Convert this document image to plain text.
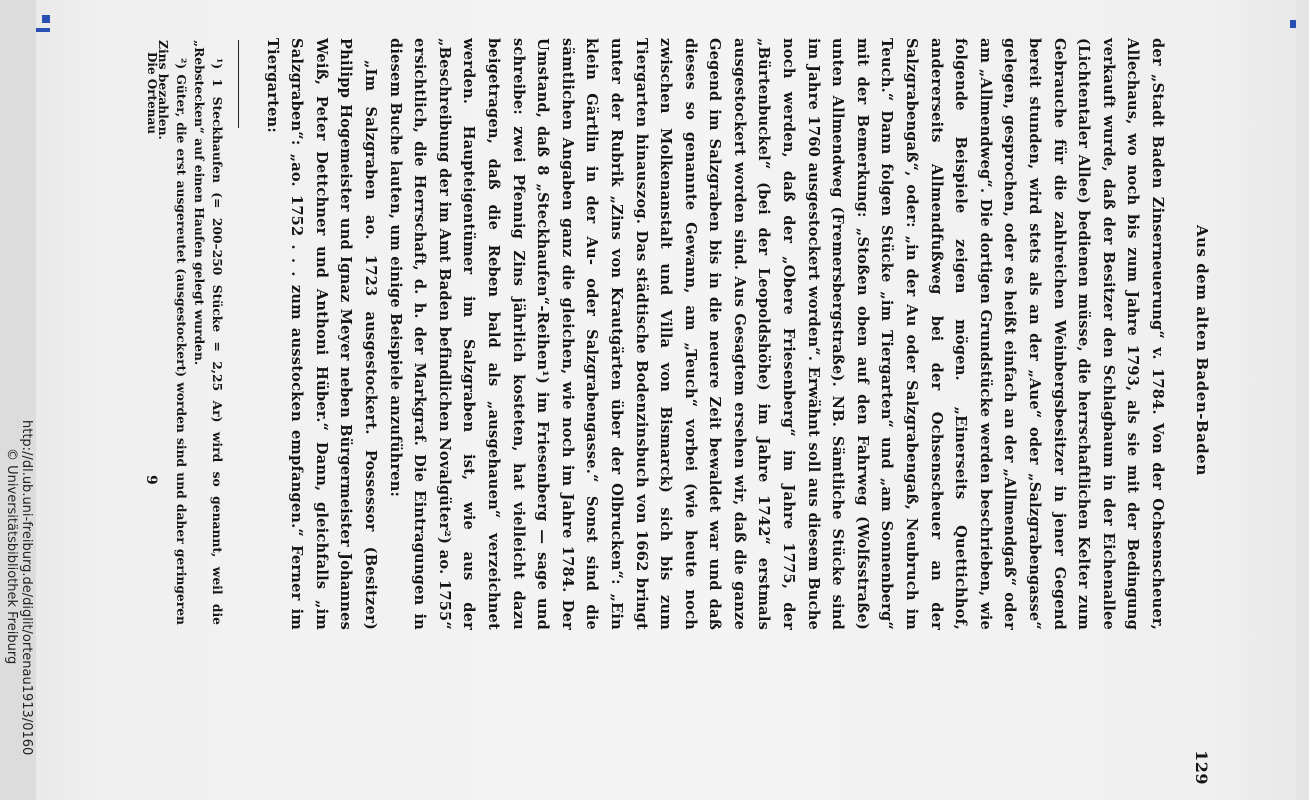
Aus dem alten Baden-Baden
129

der „Stadt Baden Zinserneuerung“ v. 1784. Von der Ochsenscheuer, Allechaus, wo noch bis zum Jahre 1793, als sie mit der Bedingung verkauft wurde, daß der Besitzer den Schlagbaum in der Eichenallee (Lichtentaler Allee) bedienen müsse, die herrschaftlichen Kelter zum Gebrauche für die zahlreichen Weinbergsbesitzer in jener Gegend bereit stunden, wird stets als an der „Aue“ oder „Salzgrabengasse“ gelegen, gesprochen, oder es heißt einfach an der „Allmendgaß“ oder am „Allmendweg“. Die dortigen Grundstücke werden beschrieben, wie folgende Beispiele zeigen mögen. „Einerseits Quettichhof, andererseits Allmendfußweg bei der Ochsenscheuer an der Salzgrabengaß“, oder: „in der Au oder Salzgrabengaß, Neubruch im Teuch.“ Dann folgen Stücke „im Tiergarten“ und „am Sonnenberg“ mit der Bemerkung: „Stoßen oben auf den Fahrweg (Wolfsstraße) unten Allmendweg (Fremersbergstraße). NB. Sämtliche Stücke sind im Jahre 1760 ausgestockert worden“. Erwähnt soll aus diesem Buche noch werden, daß der „Obere Friesenberg“ im Jahre 1775, der „Bürtenbuckel“ (bei der Leopoldshöhe) im Jahre 1742“ erstmals ausgestockert worden sind. Aus Gesagtem ersehen wir, daß die ganze Gegend im Salzgraben bis in die neuere Zeit bewaldet war und daß dieses so genannte Gewann, am „Teuch“ vorbei (wie heute noch zwischen Molkenanstalt und Villa von Bismarck) sich bis zum Tiergarten hinauszog. Das städtische Bodenzinsbuch von 1662 bringt unter der Rubrik „Zins von Krautgärten über der Olbrucken“: „Ein klein Gärtlin in der Au- oder Salzgrabengasse.“ Sonst sind die sämtlichen Angaben ganz die gleichen, wie noch im Jahre 1784. Der Umstand, daß 8 „Steckhaufen“-Reihen¹) im Friesenberg — sage und schreibe: zwei Pfennig Zins jährlich kosteten, hat vielleicht dazu beigetragen, daß die Reben bald als „ausgehauen“ verzeichnet werden. Haupteigentümer im Salzgraben ist, wie aus der „Beschreibung der im Amt Baden befindlichen Novalgüter²) ao. 1755“ ersichtlich, die Herrschaft, d. h. der Markgraf. Die Eintragungen in diesem Buche lauten, um einige Beispiele anzuführen:

„Im Salzgraben ao. 1723 ausgestockert. Possessor (Besitzer) Philipp Hogemeister und Ignaz Meyer neben Bürgermeister Johannes Weiß, Peter Dettchner und Anthoni Hüber.“ Dann, gleichfalls „im Salzgraben“: „ao. 1752 . . . zum ausstocken empfangen.“ Ferner im Tiergarten:

¹) 1 Steckhaufen (= 200–250 Stücke = 2,25 Ar) wird so genannt, weil die „Rebstecken“ auf einen Haufen gelegt wurden.

²) Güter, die erst ausgereutet (ausgestockert) worden sind und daher geringeren Zins bezahlen.

Die Ortenau
9
http://dl.ub.uni-freiburg.de/diglit/ortenau1913/0160 © Universitätsbibliothek Freiburg
